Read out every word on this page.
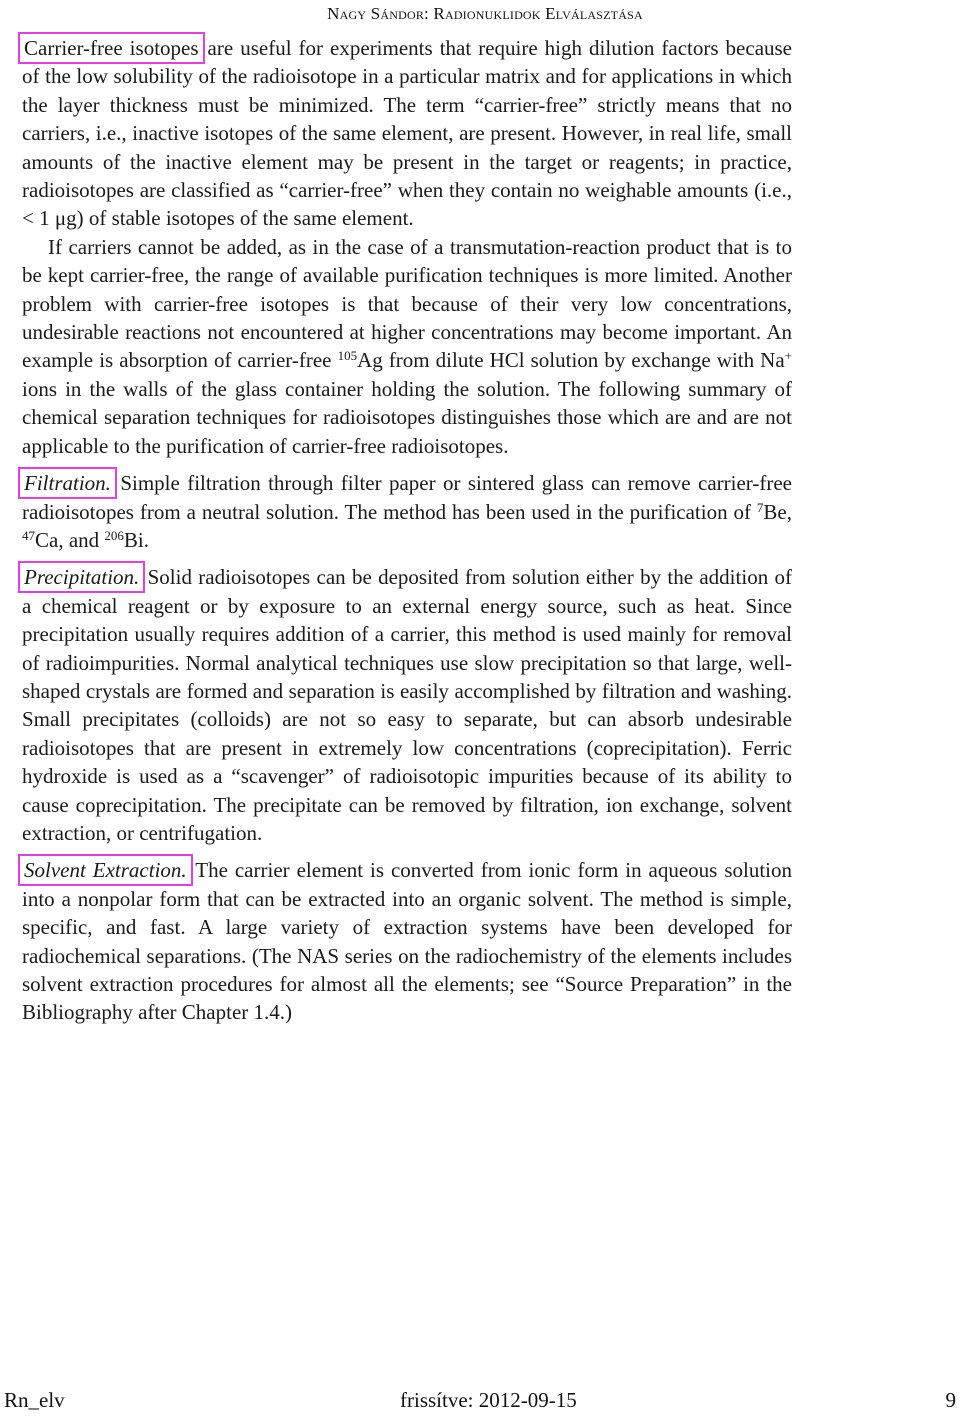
Nagy Sándor: Radionuklidok Elválasztása

Carrier-free isotopes are useful for experiments that require high dilution factors because of the low solubility of the radioisotope in a particular matrix and for applications in which the layer thickness must be minimized. The term “carrier-free” strictly means that no carriers, i.e., inactive isotopes of the same element, are present. However, in real life, small amounts of the inactive element may be present in the target or reagents; in practice, radioisotopes are classified as “carrier-free” when they contain no weighable amounts (i.e., < 1 μg) of stable isotopes of the same element.

If carriers cannot be added, as in the case of a transmutation-reaction product that is to be kept carrier-free, the range of available purification techniques is more limited. Another problem with carrier-free isotopes is that because of their very low concentrations, undesirable reactions not encountered at higher concentrations may become important. An example is absorption of carrier-free $^{105}$Ag from dilute HCl solution by exchange with Na+ ions in the walls of the glass container holding the solution. The following summary of chemical separation techniques for radioisotopes distinguishes those which are and are not applicable to the purification of carrier-free radioisotopes.

Filtration. Simple filtration through filter paper or sintered glass can remove carrier-free radioisotopes from a neutral solution. The method has been used in the purification of $^7$Be, $^{47}$Ca, and $^{206}$Bi.

Precipitation. Solid radioisotopes can be deposited from solution either by the addition of a chemical reagent or by exposure to an external energy source, such as heat. Since precipitation usually requires addition of a carrier, this method is used mainly for removal of radioimpurities. Normal analytical techniques use slow precipitation so that large, well-shaped crystals are formed and separation is easily accomplished by filtration and washing. Small precipitates (colloids) are not so easy to separate, but can absorb undesirable radioisotopes that are present in extremely low concentrations (coprecipitation). Ferric hydroxide is used as a “scavenger” of radioisotopic impurities because of its ability to cause coprecipitation. The precipitate can be removed by filtration, ion exchange, solvent extraction, or centrifugation.

Solvent Extraction. The carrier element is converted from ionic form in aqueous solution into a nonpolar form that can be extracted into an organic solvent. The method is simple, specific, and fast. A large variety of extraction systems have been developed for radiochemical separations. (The NAS series on the radiochemistry of the elements includes solvent extraction procedures for almost all the elements; see “Source Preparation” in the Bibliography after Chapter 1.4.)

Rn_elv	frissítve: 2012-09-15	9
